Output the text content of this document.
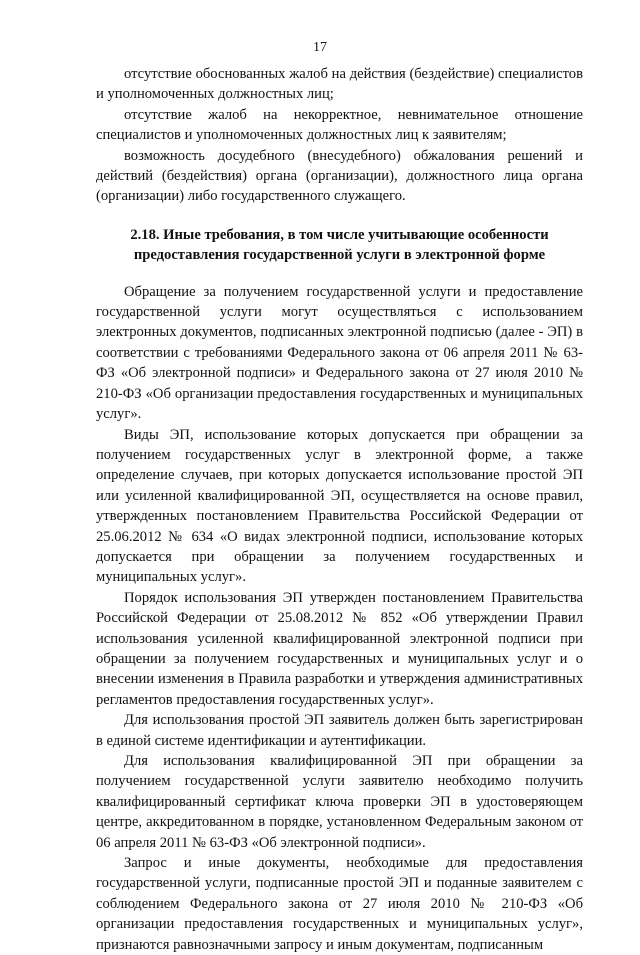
17

отсутствие обоснованных жалоб на действия (бездействие) специалистов и уполномоченных должностных лиц;

отсутствие жалоб на некорректное, невнимательное отношение специалистов и уполномоченных должностных лиц к заявителям;

возможность досудебного (внесудебного) обжалования решений и действий (бездействия) органа (организации), должностного лица органа (организации) либо государственного служащего.

2.18. Иные требования, в том числе учитывающие особенности предоставления государственной услуги в электронной форме

Обращение за получением государственной услуги и предоставление государственной услуги могут осуществляться с использованием электронных документов, подписанных электронной подписью (далее - ЭП) в соответствии с требованиями Федерального закона от 06 апреля 2011 № 63-ФЗ «Об электронной подписи» и Федерального закона от 27 июля 2010 № 210-ФЗ «Об организации предоставления государственных и муниципальных услуг».

Виды ЭП, использование которых допускается при обращении за получением государственных услуг в электронной форме, а также определение случаев, при которых допускается использование простой ЭП или усиленной квалифицированной ЭП, осуществляется на основе правил, утвержденных постановлением Правительства Российской Федерации от 25.06.2012 № 634 «О видах электронной подписи, использование которых допускается при обращении за получением государственных и муниципальных услуг».

Порядок использования ЭП утвержден постановлением Правительства Российской Федерации от 25.08.2012 № 852 «Об утверждении Правил использования усиленной квалифицированной электронной подписи при обращении за получением государственных и муниципальных услуг и о внесении изменения в Правила разработки и утверждения административных регламентов предоставления государственных услуг».

Для использования простой ЭП заявитель должен быть зарегистрирован в единой системе идентификации и аутентификации.

Для использования квалифицированной ЭП при обращении за получением государственной услуги заявителю необходимо получить квалифицированный сертификат ключа проверки ЭП в удостоверяющем центре, аккредитованном в порядке, установленном Федеральным законом от 06 апреля 2011 № 63-ФЗ «Об электронной подписи».

Запрос и иные документы, необходимые для предоставления государственной услуги, подписанные простой ЭП и поданные заявителем с соблюдением Федерального закона от 27 июля 2010 № 210-ФЗ «Об организации предоставления государственных и муниципальных услуг», признаются равнозначными запросу и иным документам, подписанным
